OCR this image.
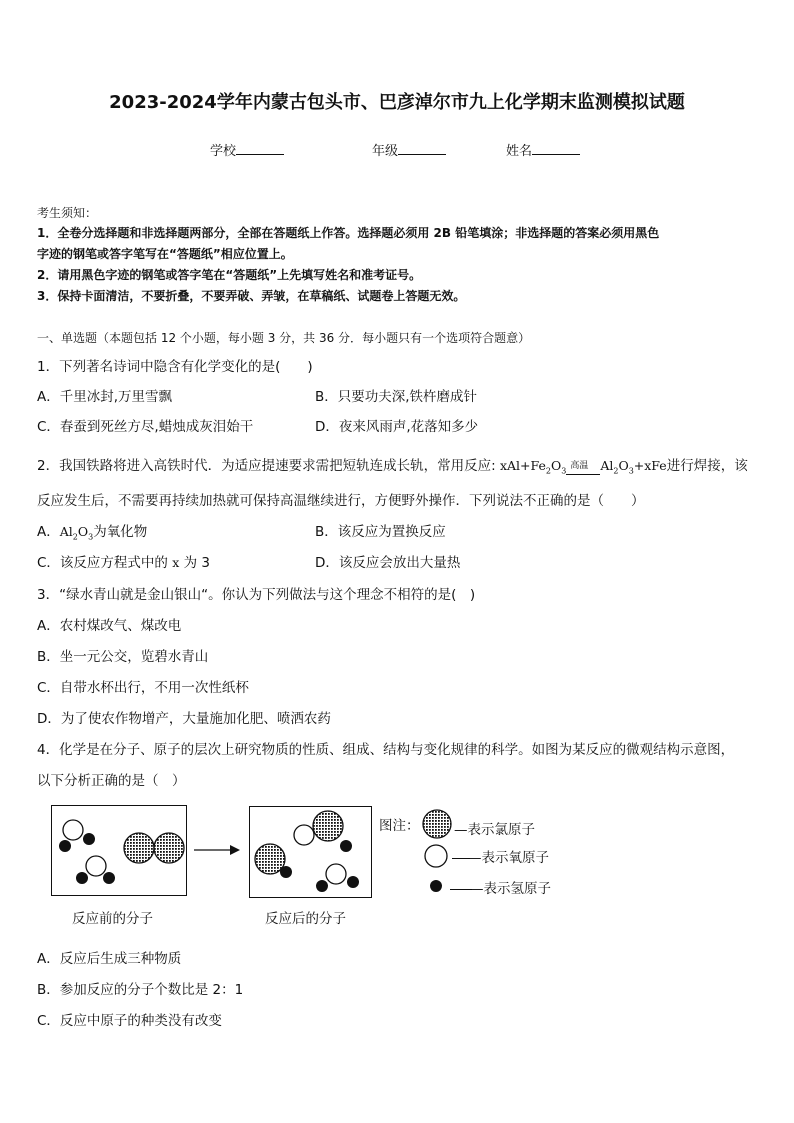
2023-2024学年内蒙古包头市、巴彦淖尔市九上化学期末监测模拟试题
学校	年级	姓名
考生须知：
1．全卷分选择题和非选择题两部分，全部在答题纸上作答。选择题必须用 2B 铅笔填涂；非选择题的答案必须用黑色
字迹的钢笔或答字笔写在“答题纸”相应位置上。
2．请用黑色字迹的钢笔或答字笔在“答题纸”上先填写姓名和准考证号。
3．保持卡面清洁，不要折叠，不要弄破、弄皱，在草稿纸、试题卷上答题无效。
一、单选题（本题包括 12 个小题，每小题 3 分，共 36 分．每小题只有一个选项符合题意）
1．下列著名诗词中隐含有化学变化的是(　　)
A．千里冰封,万里雪飘	B．只要功夫深,铁杵磨成针
C．春蚕到死丝方尽,蜡烛成灰泪始干	D．夜来风雨声,花落知多少
2．我国铁路将进入高铁时代．为适应提速要求需把短轨连成长轨，常用反应: $xAl+Fe_2O_3$ 高温 $Al_2O_3+xFe$进行焊接，该
反应发生后，不需要再持续加热就可保持高温继续进行，方便野外操作．下列说法不正确的是（　　）
A．$Al_2O_3$为氧化物	B．该反应为置换反应
C．该反应方程式中的 x 为 3	D．该反应会放出大量热
3．“绿水青山就是金山银山“。你认为下列做法与这个理念不相符的是(　)
A．农村煤改气、煤改电
B．坐一元公交，览碧水青山
C．自带水杯出行，不用一次性纸杯
D．为了使农作物增产，大量施加化肥、喷洒农药
4．化学是在分子、原子的层次上研究物质的性质、组成、结构与变化规律的科学。如图为某反应的微观结构示意图，
以下分析正确的是（　）
图注：	—表示氯原子
—表示氧原子
—表示氢原子
反应前的分子	反应后的分子
A．反应后生成三种物质
B．参加反应的分子个数比是 2：1
C．反应中原子的种类没有改变
